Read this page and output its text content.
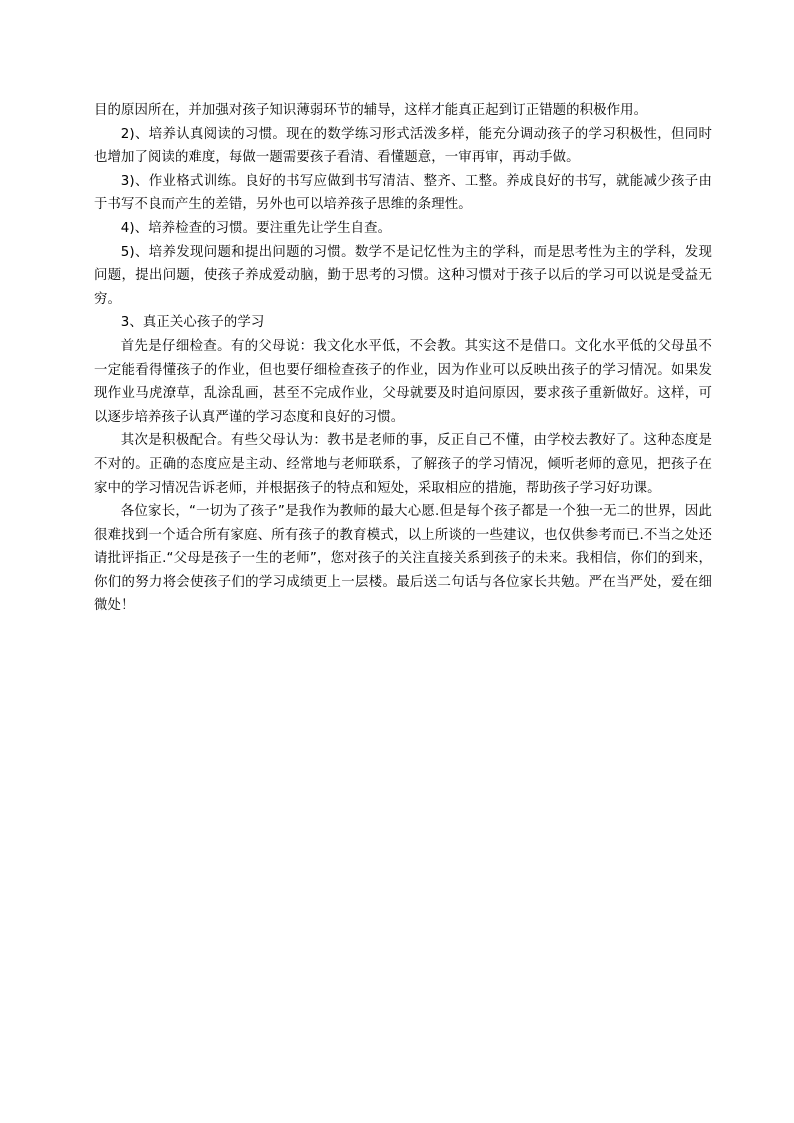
目的原因所在，并加强对孩子知识薄弱环节的辅导，这样才能真正起到订正错题的积极作用。

2)、培养认真阅读的习惯。现在的数学练习形式活泼多样，能充分调动孩子的学习积极性，但同时也增加了阅读的难度，每做一题需要孩子看清、看懂题意，一审再审，再动手做。

3)、作业格式训练。良好的书写应做到书写清洁、整齐、工整。养成良好的书写，就能减少孩子由于书写不良而产生的差错，另外也可以培养孩子思维的条理性。

4)、培养检查的习惯。要注重先让学生自查。

5)、培养发现问题和提出问题的习惯。数学不是记忆性为主的学科，而是思考性为主的学科，发现问题，提出问题，使孩子养成爱动脑，勤于思考的习惯。这种习惯对于孩子以后的学习可以说是受益无穷。

3、真正关心孩子的学习

首先是仔细检查。有的父母说：我文化水平低，不会教。其实这不是借口。文化水平低的父母虽不一定能看得懂孩子的作业，但也要仔细检查孩子的作业，因为作业可以反映出孩子的学习情况。如果发现作业马虎潦草，乱涂乱画，甚至不完成作业，父母就要及时追问原因，要求孩子重新做好。这样，可以逐步培养孩子认真严谨的学习态度和良好的习惯。

其次是积极配合。有些父母认为：教书是老师的事，反正自己不懂，由学校去教好了。这种态度是不对的。正确的态度应是主动、经常地与老师联系，了解孩子的学习情况，倾听老师的意见，把孩子在家中的学习情况告诉老师，并根据孩子的特点和短处，采取相应的措施，帮助孩子学习好功课。

各位家长，“一切为了孩子”是我作为教师的最大心愿.但是每个孩子都是一个独一无二的世界，因此很难找到一个适合所有家庭、所有孩子的教育模式，以上所谈的一些建议，也仅供参考而已.不当之处还请批评指正.“父母是孩子一生的老师”，您对孩子的关注直接关系到孩子的未来。我相信，你们的到来，你们的努力将会使孩子们的学习成绩更上一层楼。最后送二句话与各位家长共勉。严在当严处，爱在细微处！
